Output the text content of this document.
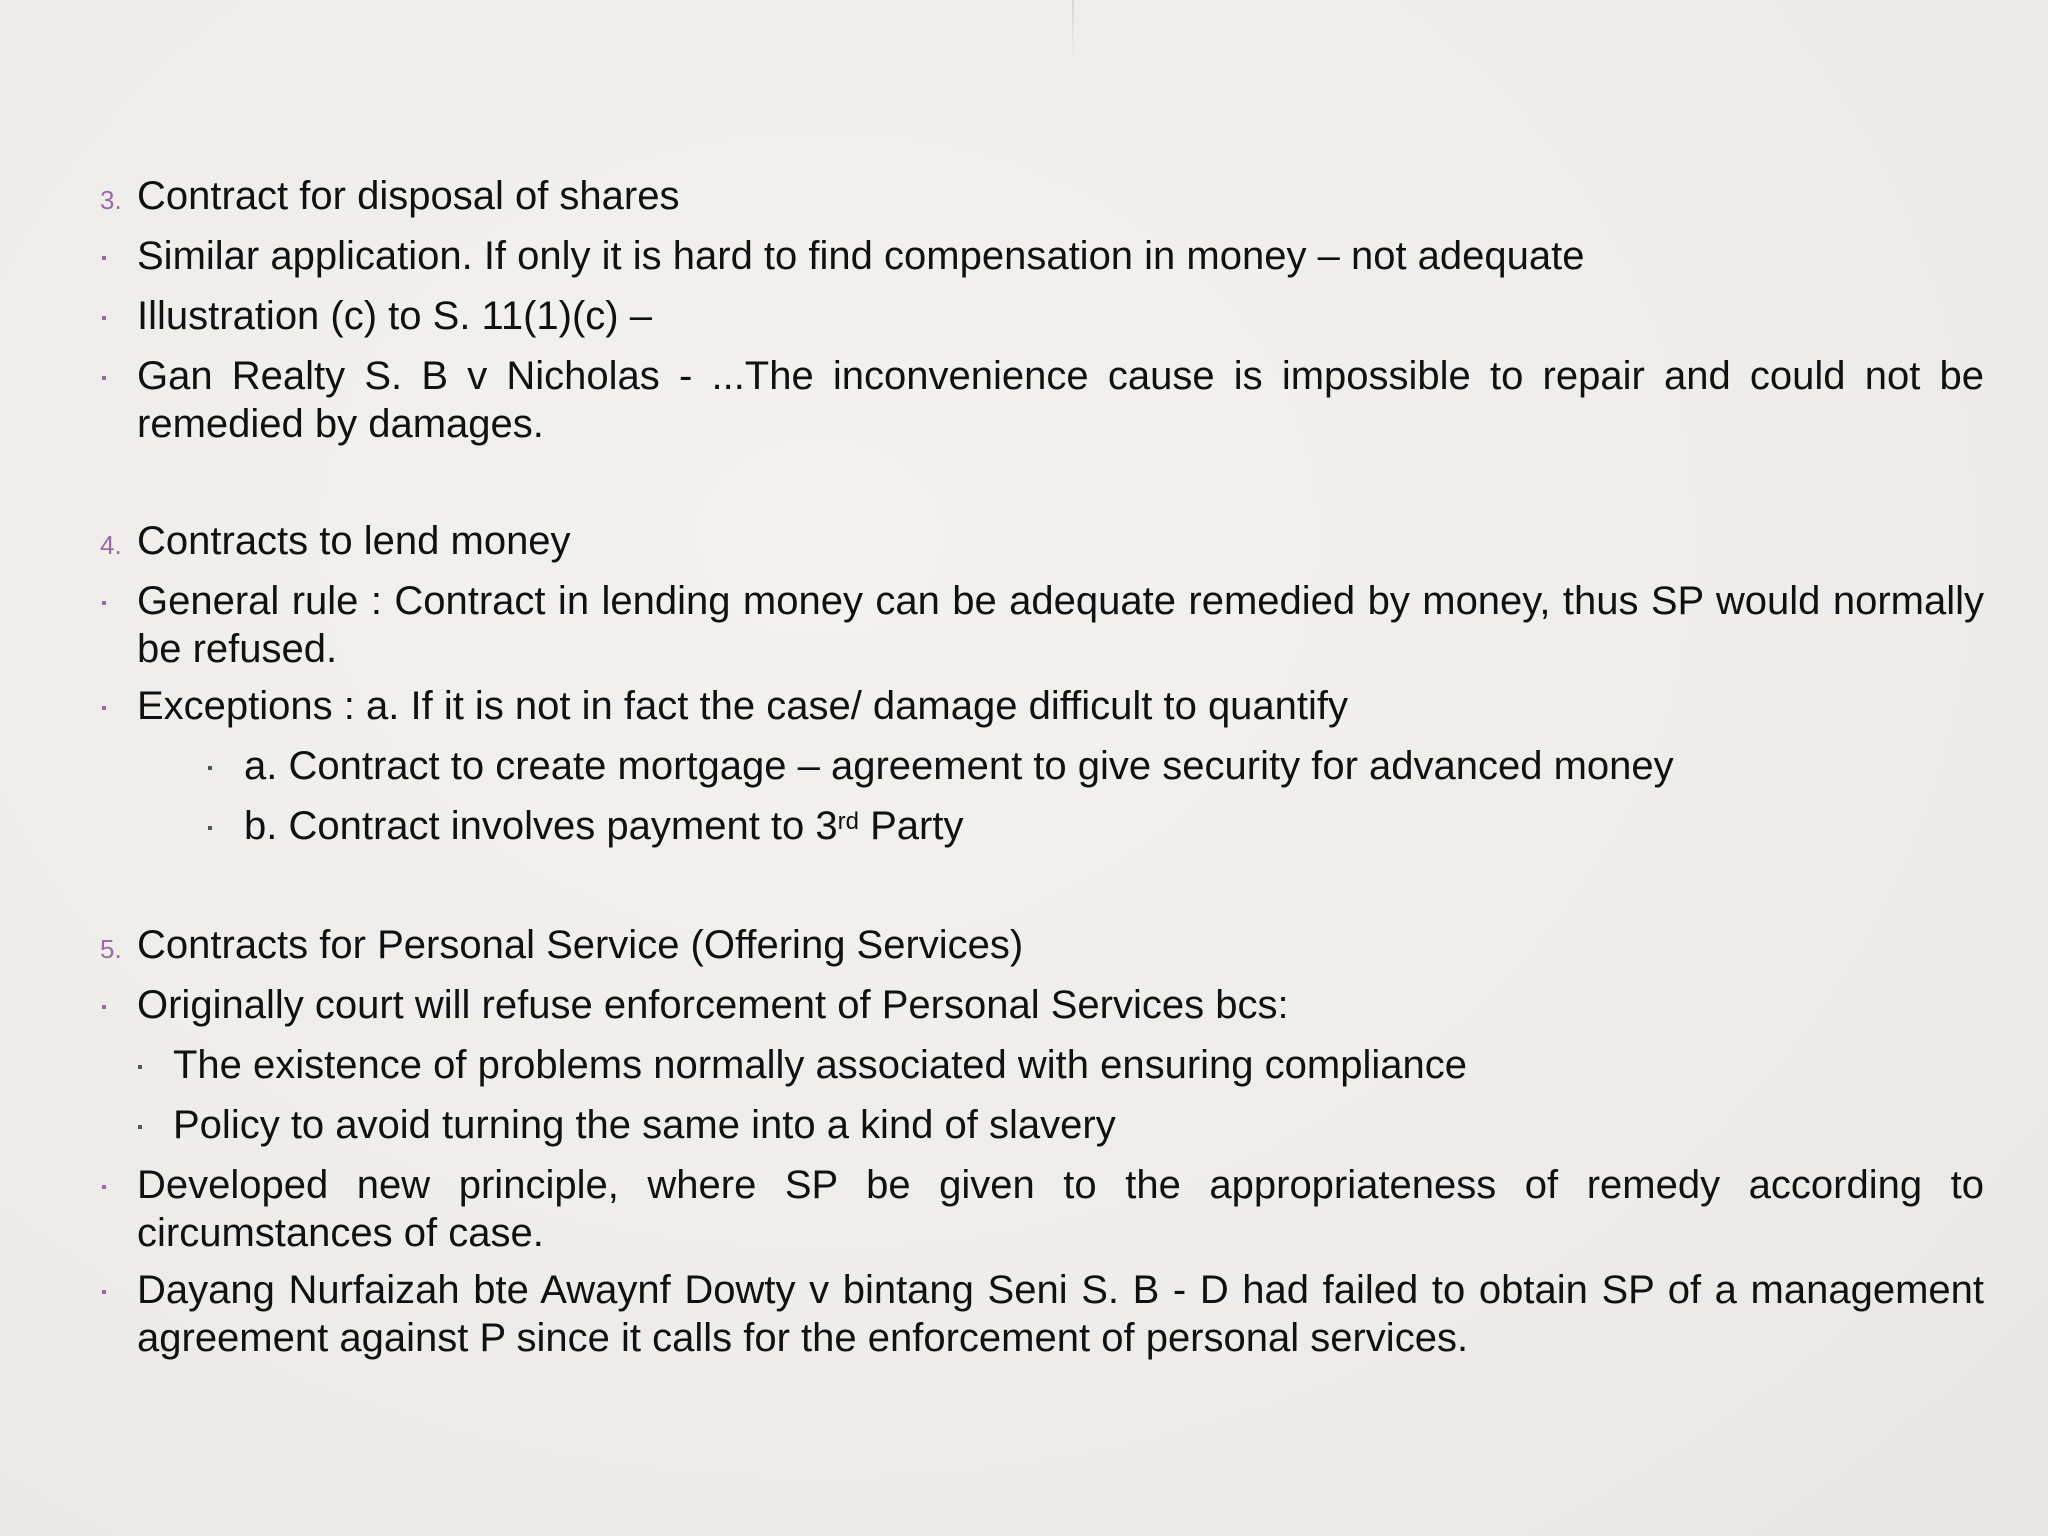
3. Contract for disposal of shares
Similar application. If only it is hard to find compensation in money – not adequate
Illustration (c) to S. 11(1)(c) –
Gan Realty S. B v Nicholas - ...The inconvenience cause is impossible to repair and could not be remedied by damages.
4. Contracts to lend money
General rule : Contract in lending money can be adequate remedied by money, thus SP would normally be refused.
Exceptions : a. If it is not in fact the case/ damage difficult to quantify
a. Contract to create mortgage – agreement to give security for advanced money
b. Contract involves payment to 3rd Party
5. Contracts for Personal Service (Offering Services)
Originally court will refuse enforcement of Personal Services bcs:
The existence of problems normally associated with ensuring compliance
Policy to avoid turning the same into a kind of slavery
Developed new principle, where SP be given to the appropriateness of remedy according to circumstances of case.
Dayang Nurfaizah bte Awaynf Dowty v bintang Seni S. B - D had failed to obtain SP of a management agreement against P since it calls for the enforcement of personal services.
